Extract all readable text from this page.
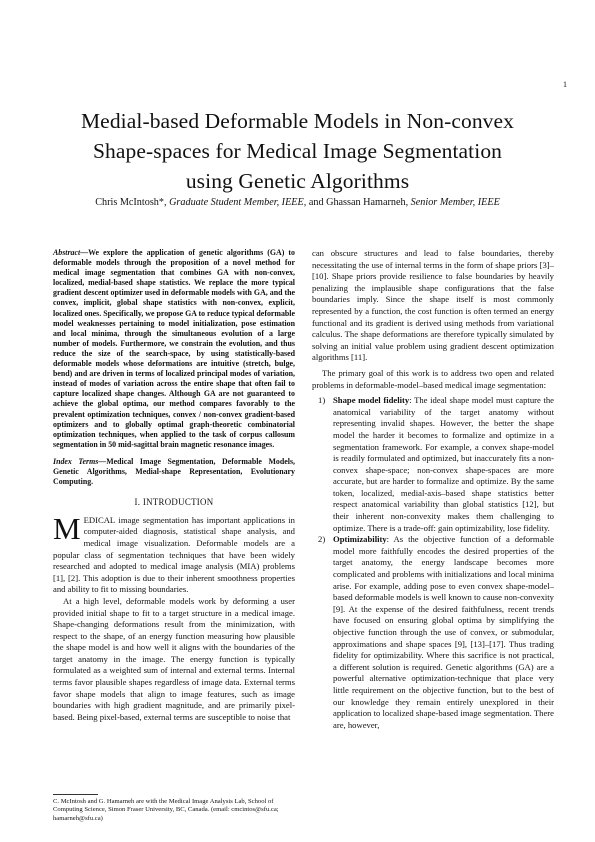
1
Medial-based Deformable Models in Non-convex
Shape-spaces for Medical Image Segmentation
using Genetic Algorithms
Chris McIntosh*, Graduate Student Member, IEEE, and Ghassan Hamarneh, Senior Member, IEEE
Abstract—We explore the application of genetic algorithms (GA) to deformable models through the proposition of a novel method for medical image segmentation that combines GA with non-convex, localized, medial-based shape statistics. We replace the more typical gradient descent optimizer used in deformable models with GA, and the convex, implicit, global shape statistics with non-convex, explicit, localized ones. Specifically, we propose GA to reduce typical deformable model weaknesses pertaining to model initialization, pose estimation and local minima, through the simultaneous evolution of a large number of models. Furthermore, we constrain the evolution, and thus reduce the size of the search-space, by using statistically-based deformable models whose deformations are intuitive (stretch, bulge, bend) and are driven in terms of localized principal modes of variation, instead of modes of variation across the entire shape that often fail to capture localized shape changes. Although GA are not guaranteed to achieve the global optima, our method compares favorably to the prevalent optimization techniques, convex / non-convex gradient-based optimizers and to globally optimal graph-theoretic combinatorial optimization techniques, when applied to the task of corpus callosum segmentation in 50 mid-sagittal brain magnetic resonance images.
Index Terms—Medical Image Segmentation, Deformable Models, Genetic Algorithms, Medial-shape Representation, Evolutionary Computing.
I. INTRODUCTION

MEDICAL image segmentation has important applications in computer-aided diagnosis, statistical shape analysis, and medical image visualization. Deformable models are a popular class of segmentation techniques that have been widely researched and adopted to medical image analysis (MIA) problems [1], [2]. This adoption is due to their inherent smoothness properties and ability to fit to missing boundaries.

At a high level, deformable models work by deforming a user provided initial shape to fit to a target structure in a medical image. Shape-changing deformations result from the minimization, with respect to the shape, of an energy function measuring how plausible the shape model is and how well it aligns with the boundaries of the target anatomy in the image. The energy function is typically formulated as a weighted sum of internal and external terms. Internal terms favor plausible shapes regardless of image data. External terms favor shape models that align to image features, such as image boundaries with high gradient magnitude, and are primarily pixel-based. Being pixel-based, external terms are susceptible to noise that

C. McIntosh and G. Hamarneh are with the Medical Image Analysis Lab, School of Computing Science, Simon Fraser University, BC, Canada. (email: cmcintos@sfu.ca; hamarneh@sfu.ca)

can obscure structures and lead to false boundaries, thereby necessitating the use of internal terms in the form of shape priors [3]–[10]. Shape priors provide resilience to false boundaries by heavily penalizing the implausible shape configurations that the false boundaries imply. Since the shape itself is most commonly represented by a function, the cost function is often termed an energy functional and its gradient is derived using methods from variational calculus. The shape deformations are therefore typically simulated by solving an initial value problem using gradient descent optimization algorithms [11].

The primary goal of this work is to address two open and related problems in deformable-model–based medical image segmentation:

1) Shape model fidelity: The ideal shape model must capture the anatomical variability of the target anatomy without representing invalid shapes. However, the better the shape model the harder it becomes to formalize and optimize in a segmentation framework. For example, a convex shape-model is readily formulated and optimized, but inaccurately fits a non-convex shape-space; non-convex shape-spaces are more accurate, but are harder to formalize and optimize. By the same token, localized, medial-axis–based shape statistics better respect anatomical variability than global statistics [12], but their inherent non-convexity makes them challenging to optimize. There is a trade-off: gain optimizability, lose fidelity.
2) Optimizability: As the objective function of a deformable model more faithfully encodes the desired properties of the target anatomy, the energy landscape becomes more complicated and problems with initializations and local minima arise. For example, adding pose to even convex shape-model–based deformable models is well known to cause non-convexity [9]. At the expense of the desired faithfulness, recent trends have focused on ensuring global optima by simplifying the objective function through the use of convex, or submodular, approximations and shape spaces [9], [13]–[17]. Thus trading fidelity for optimizability. Where this sacrifice is not practical, a different solution is required. Genetic algorithms (GA) are a powerful alternative optimization-technique that place very little requirement on the objective function, but to the best of our knowledge they remain entirely unexplored in their application to localized shape-based image segmentation. There are, however,
